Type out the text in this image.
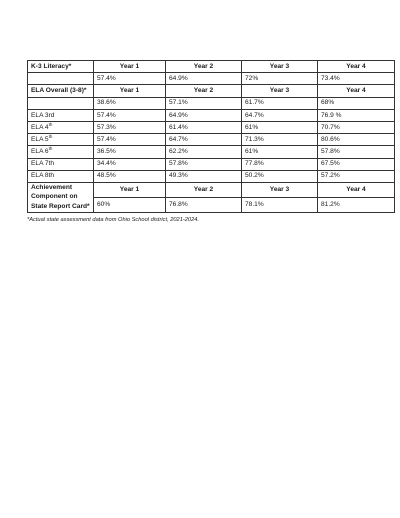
K-3 Literacy*	Year 1	Year 2	Year 3	Year 4
	57.4%	64.9%	72%	73.4%
ELA Overall (3-8)*	Year 1	Year 2	Year 3	Year 4
	38.6%	57.1%	61.7%	68%
ELA 3rd	57.4%	64.9%	64.7%	76.9 %
ELA 4th	57.3%	61.4%	61%	70.7%
ELA 5th	57.4%	64.7%	71.3%	80.6%
ELA 6th	36.5%	62.2%	61%	57.8%
ELA 7th	34.4%	57.8%	77.8%	67.5%
ELA 8th	48.5%	49.3%	50.2%	57.2%

Achievement
Component on
State Report Card*	Year 1	Year 2	Year 3	Year 4
	60%	76.8%	78.1%	81.2%
*Actual state assessment data from Ohio School district, 2021-2024.
